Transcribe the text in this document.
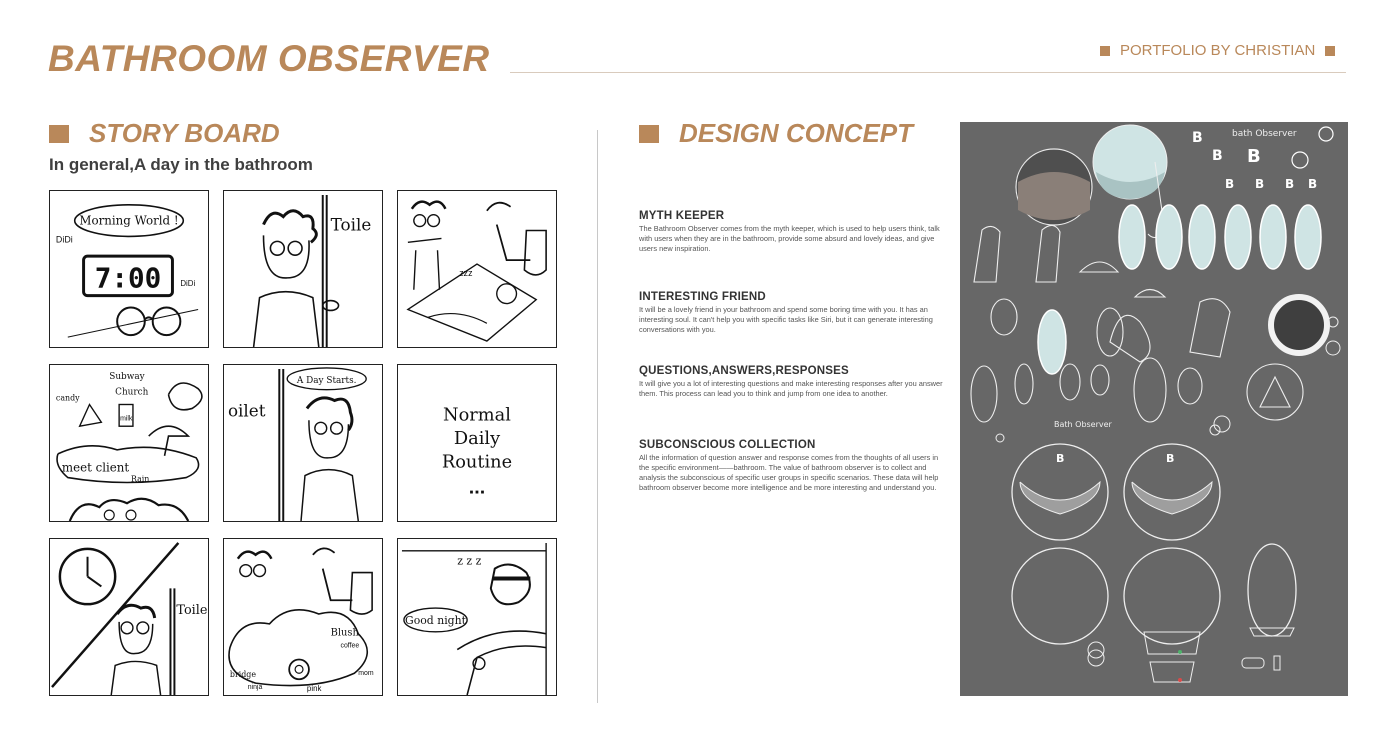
BATHROOM OBSERVER	PORTFOLIO BY CHRISTIAN
STORY BOARD
In general,A day in the bathroom
Morning World !
DiDi
7:00 DiDi
Toile
zzz
Subway
candy
Church
milk
meet client
Rain
A Day Starts.
oilet	Normal
Daily
Routine
...
Toile
Blush
coffee
bridge
ninja	pink
mom
z z z
Good night
DESIGN CONCEPT
MYTH KEEPER

The Bathroom Observer comes from the myth keeper, which is used to help users think, talk with users when they are in the bathroom, provide some absurd and lovely ideas, and give users new inspiration.

INTERESTING FRIEND

It will be a lovely friend in your bathroom and spend some boring time with you. It has an interesting soul. It can't help you with specific tasks like Siri, but it can generate interesting conversations with you.

QUESTIONS,ANSWERS,RESPONSES

It will give you a lot of interesting questions and make interesting responses after you answer them. This process can lead you to think and jump from one idea to another.

SUBCONSCIOUS COLLECTION

All the information of question answer and response comes from the thoughts of all users in the specific environment——bathroom. The value of bathroom observer is to collect and analysis the subconscious of specific user groups in specific scenarios. These data will help bathroom observer become more intelligence and be more interesting and understand you.

bath Observer
B
B B
B B B B
Bath Observer
B	B
